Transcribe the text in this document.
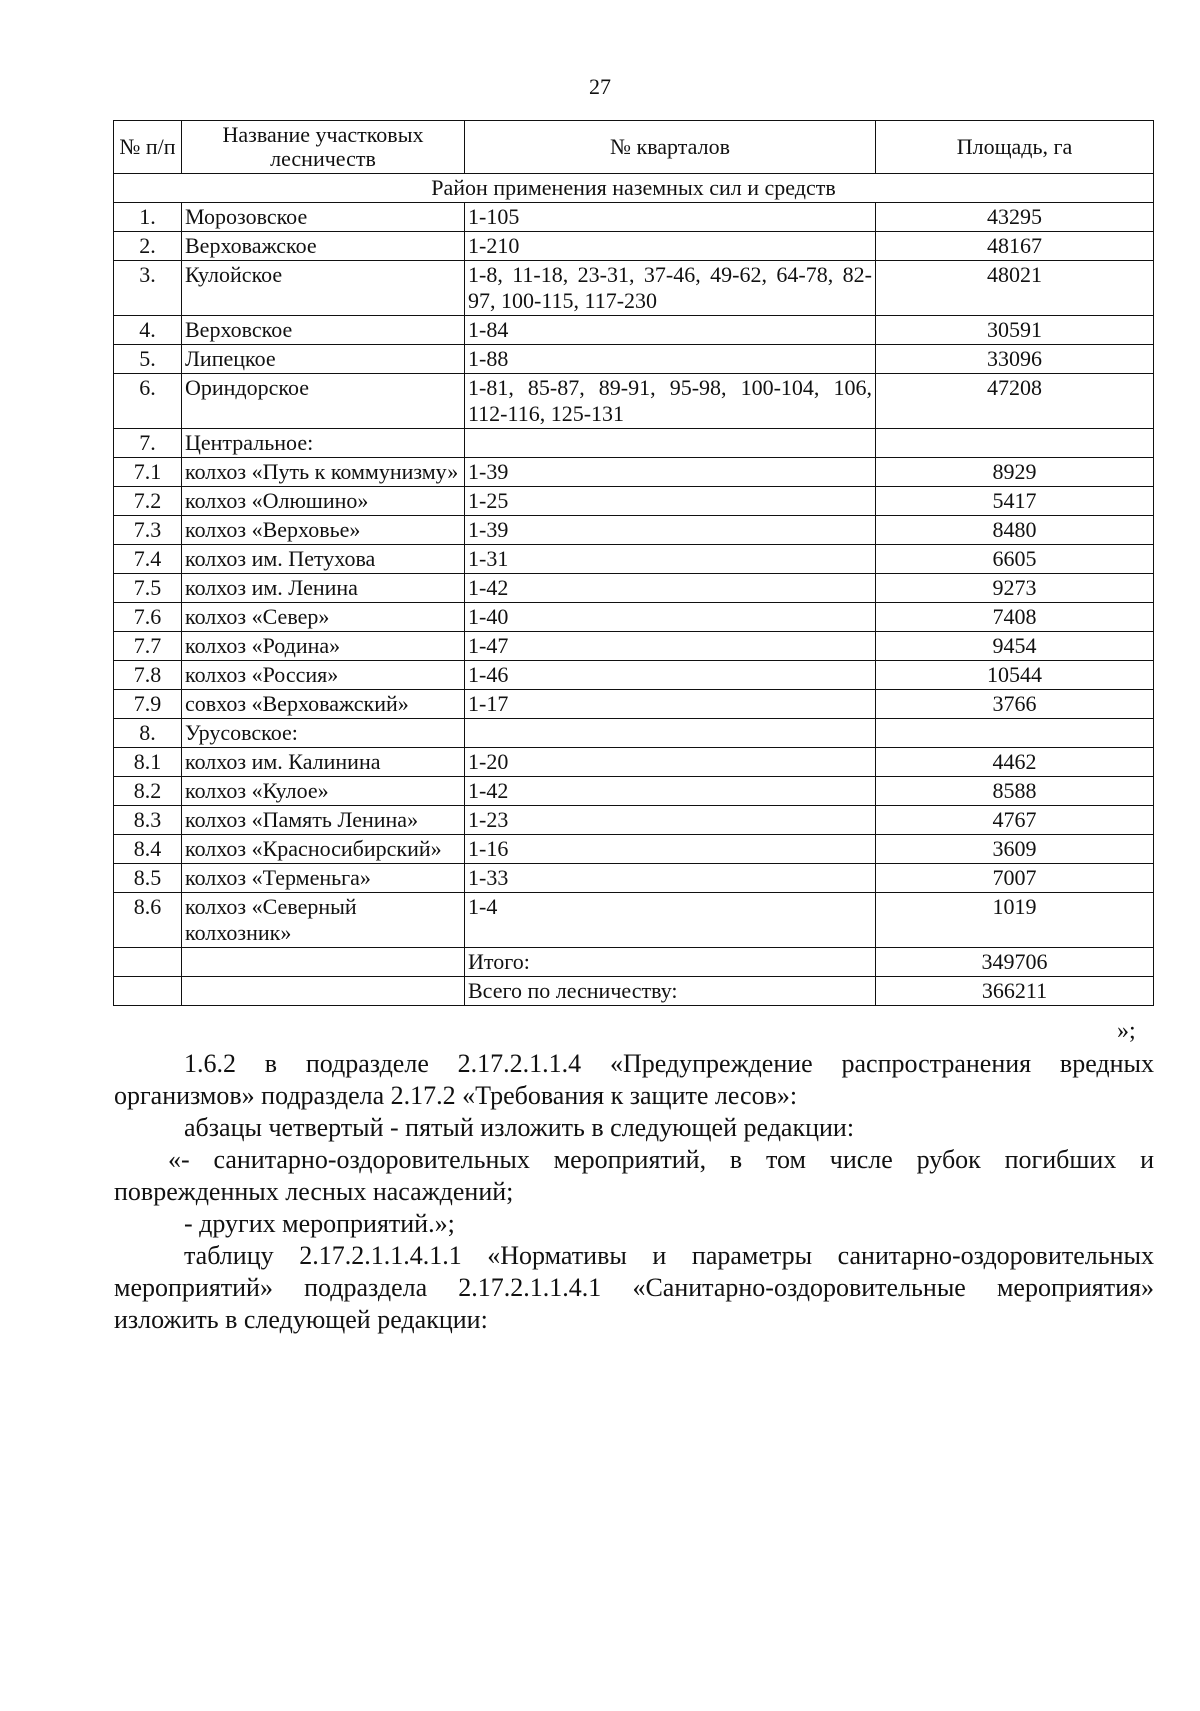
27
№ п/п	Название участковых лесничеств	№ кварталов	Площадь, га
Район применения наземных сил и средств			
1.	Морозовское	1-105	43295
2.	Верховажское	1-210	48167
3.	Кулойское	1-8, 11-18, 23-31, 37-46, 49-62, 64-78, 82-97, 100-115, 117-230	48021
4.	Верховское	1-84	30591
5.	Липецкое	1-88	33096
6.	Ориндорское	1-81, 85-87, 89-91, 95-98, 100-104, 106, 112-116, 125-131	47208
7.	Центральное:		
7.1	колхоз «Путь к коммунизму»	1-39	8929
7.2	колхоз «Олюшино»	1-25	5417
7.3	колхоз «Верховье»	1-39	8480
7.4	колхоз им. Петухова	1-31	6605
7.5	колхоз им. Ленина	1-42	9273
7.6	колхоз «Север»	1-40	7408
7.7	колхоз «Родина»	1-47	9454
7.8	колхоз «Россия»	1-46	10544
7.9	совхоз «Верховажский»	1-17	3766
8.	Урусовское:		
8.1	колхоз им. Калинина	1-20	4462
8.2	колхоз «Кулое»	1-42	8588
8.3	колхоз «Память Ленина»	1-23	4767
8.4	колхоз «Красносибирский»	1-16	3609
8.5	колхоз «Терменьга»	1-33	7007
8.6	колхоз «Северный колхозник»	1-4	1019
		Итого:	349706
		Всего по лесничеству:	366211
»;

1.6.2 в подразделе 2.17.2.1.1.4 «Предупреждение распространения вредных организмов» подраздела 2.17.2 «Требования к защите лесов»:

абзацы четвертый - пятый изложить в следующей редакции:

«- санитарно-оздоровительных мероприятий, в том числе рубок погибших и поврежденных лесных насаждений;

- других мероприятий.»;

таблицу 2.17.2.1.1.4.1.1 «Нормативы и параметры санитарно-оздоровительных мероприятий» подраздела 2.17.2.1.1.4.1 «Санитарно-оздоровительные мероприятия» изложить в следующей редакции:
